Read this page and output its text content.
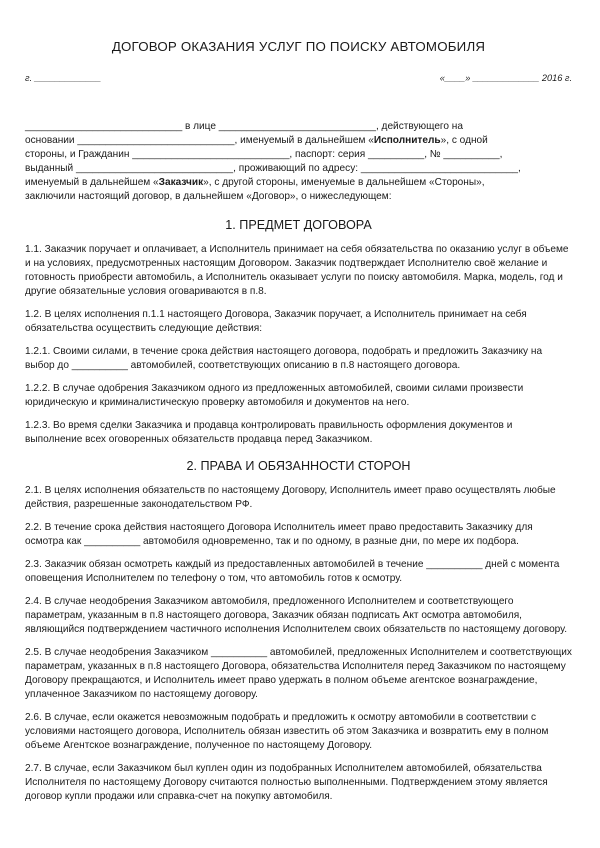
ДОГОВОР ОКАЗАНИЯ УСЛУГ ПО ПОИСКУ АВТОМОБИЛЯ
г. _____________	«____» _____________ 2016 г.

____________________________ в лице ____________________________, действующего на

основании ____________________________, именуемый в дальнейшем «Исполнитель», с одной

стороны, и Гражданин ____________________________, паспорт: серия __________, № __________,

выданный ____________________________, проживающий по адресу: ____________________________,

именуемый в дальнейшем «Заказчик», с другой стороны, именуемые в дальнейшем «Стороны»,

заключили настоящий договор, в дальнейшем «Договор», о нижеследующем:

1. ПРЕДМЕТ ДОГОВОРА

1.1. Заказчик поручает и оплачивает, а Исполнитель принимает на себя обязательства по оказанию услуг в объеме и на условиях, предусмотренных настоящим Договором. Заказчик подтверждает Исполнителю своё желание и готовность приобрести автомобиль, а Исполнитель оказывает услуги по поиску автомобиля. Марка, модель, год и другие обязательные условия оговариваются в п.8.

1.2. В целях исполнения п.1.1 настоящего Договора, Заказчик поручает, а Исполнитель принимает на себя обязательства осуществить следующие действия:

1.2.1. Своими силами, в течение срока действия настоящего договора, подобрать и предложить Заказчику на выбор до __________ автомобилей, соответствующих описанию в п.8 настоящего договора.

1.2.2. В случае одобрения Заказчиком одного из предложенных автомобилей, своими силами произвести юридическую и криминалистическую проверку автомобиля и документов на него.

1.2.3. Во время сделки Заказчика и продавца контролировать правильность оформления документов и выполнение всех оговоренных обязательств продавца перед Заказчиком.

2. ПРАВА И ОБЯЗАННОСТИ СТОРОН

2.1. В целях исполнения обязательств по настоящему Договору, Исполнитель имеет право осуществлять любые действия, разрешенные законодательством РФ.

2.2. В течение срока действия настоящего Договора Исполнитель имеет право предоставить Заказчику для осмотра как __________ автомобиля одновременно, так и по одному, в разные дни, по мере их подбора.

2.3. Заказчик обязан осмотреть каждый из предоставленных автомобилей в течение __________ дней с момента оповещения Исполнителем по телефону о том, что автомобиль готов к осмотру.

2.4. В случае неодобрения Заказчиком автомобиля, предложенного Исполнителем и соответствующего параметрам, указанным в п.8 настоящего договора, Заказчик обязан подписать Акт осмотра автомобиля, являющийся подтверждением частичного исполнения Исполнителем своих обязательств по настоящему договору.

2.5. В случае неодобрения Заказчиком __________ автомобилей, предложенных Исполнителем и соответствующих параметрам, указанных в п.8 настоящего Договора, обязательства Исполнителя перед Заказчиком по настоящему Договору прекращаются, и Исполнитель имеет право удержать в полном объеме агентское вознаграждение, уплаченное Заказчиком по настоящему договору.

2.6. В случае, если окажется невозможным подобрать и предложить к осмотру автомобили в соответствии с условиями настоящего договора, Исполнитель обязан известить об этом Заказчика и возвратить ему в полном объеме Агентское вознаграждение, полученное по настоящему Договору.

2.7. В случае, если Заказчиком был куплен один из подобранных Исполнителем автомобилей, обязательства Исполнителя по настоящему Договору считаются полностью выполненными. Подтверждением этому является договор купли продажи или справка-счет на покупку автомобиля.
